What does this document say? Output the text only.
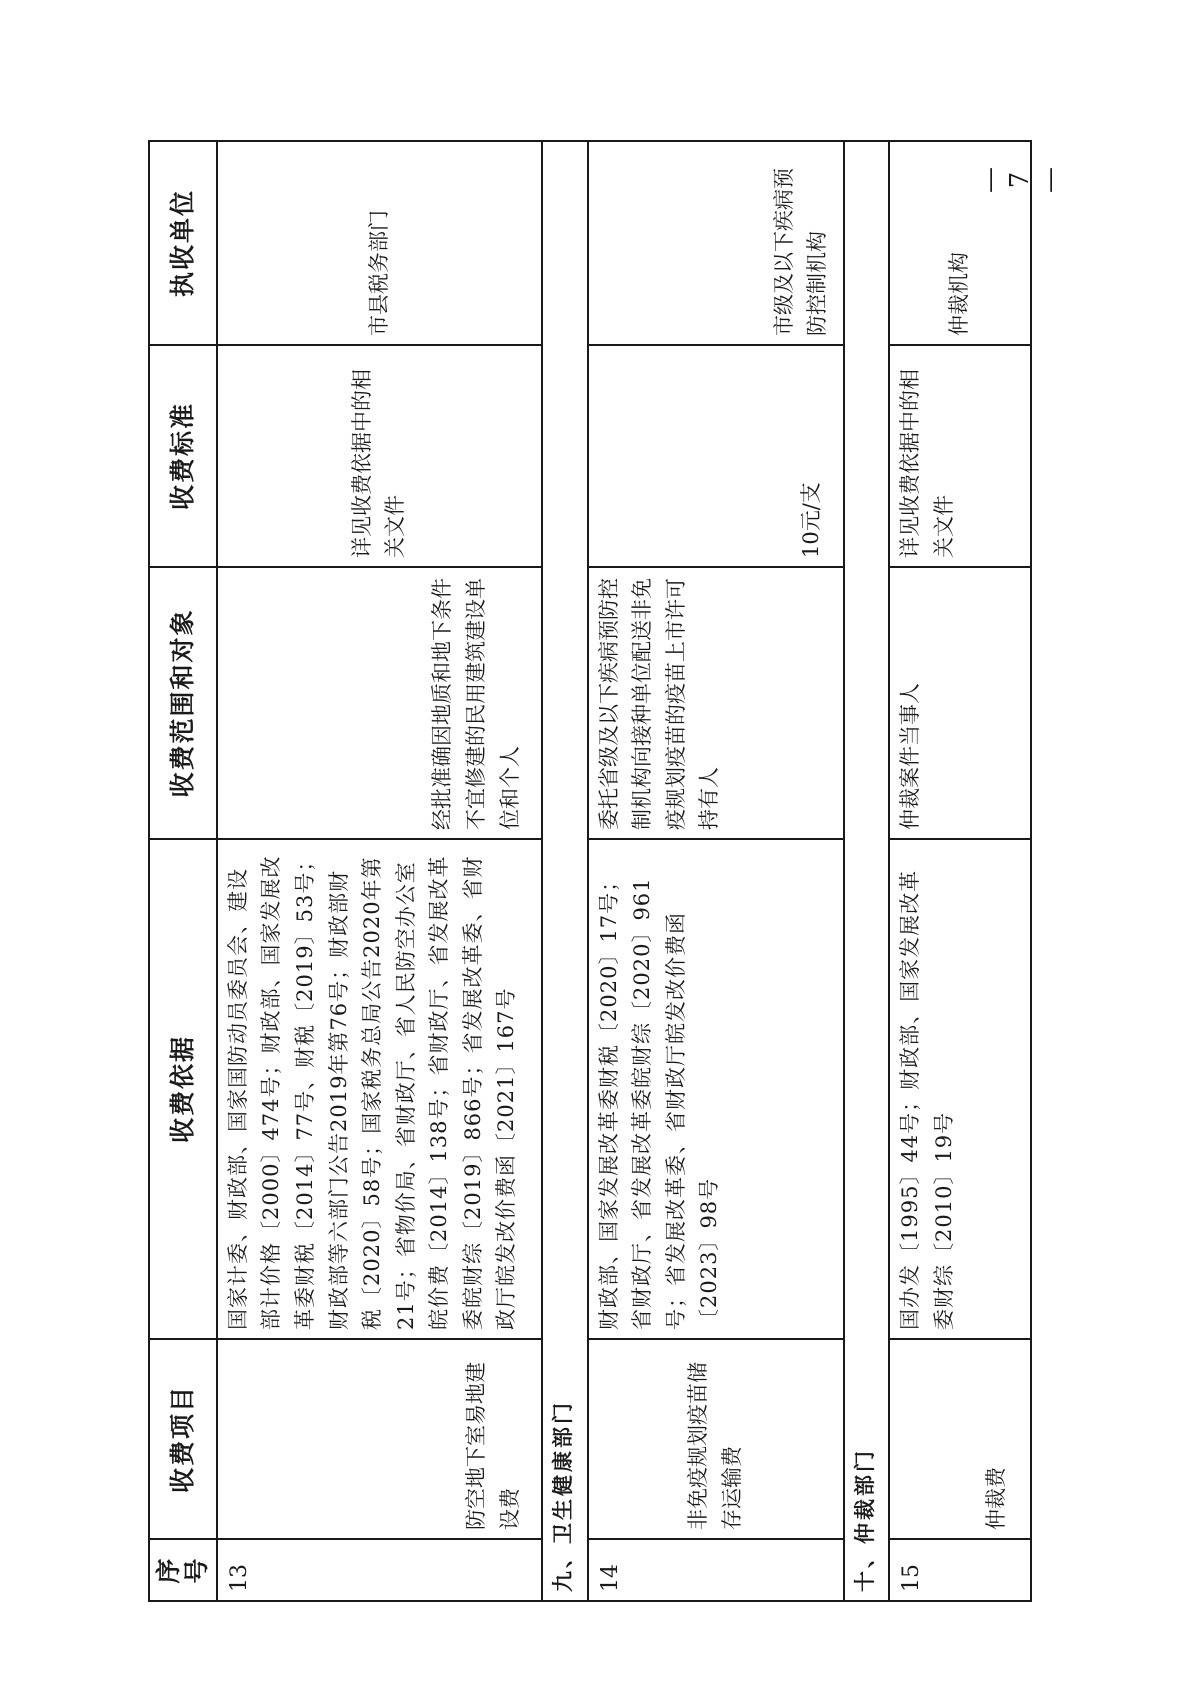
序号	收费项目	收费依据	收费范围和对象	收费标准	执收单位
13	防空地下室易地建设费	国家计委、财政部、国家国防动员委员会、建设部计价格〔2000〕474号；财政部、国家发展改革委财税〔2014〕77号、财税〔2019〕53号；财政部等六部门公告2019年第76号；财政部财税〔2020〕58号；国家税务总局公告2020年第21号；省物价局、省财政厅、省人民防空办公室皖价费〔2014〕138号；省财政厅、省发展改革委皖财综〔2019〕866号；省发展改革委、省财政厅皖发改价费函〔2021〕167号	经批准确因地质和地下条件不宜修建的民用建筑建设单位和个人	详见收费依据中的相关文件	市县税务部门
九、卫生健康部门					
14	非免疫规划疫苗储存运输费	财政部、国家发展改革委财税〔2020〕17号；省财政厅、省发展改革委皖财综〔2020〕961号；省发展改革委、省财政厅皖发改价费函〔2023〕98号	委托省级及以下疾病预防控制机构向接种单位配送非免疫规划疫苗的疫苗上市许可持有人	10元/支	市级及以下疾病预防控制机构
十、仲裁部门					
15	仲裁费	国办发〔1995〕44号；财政部、国家发展改革委财综〔2010〕19号	仲裁案件当事人	详见收费依据中的相关文件	仲裁机构
—7—
